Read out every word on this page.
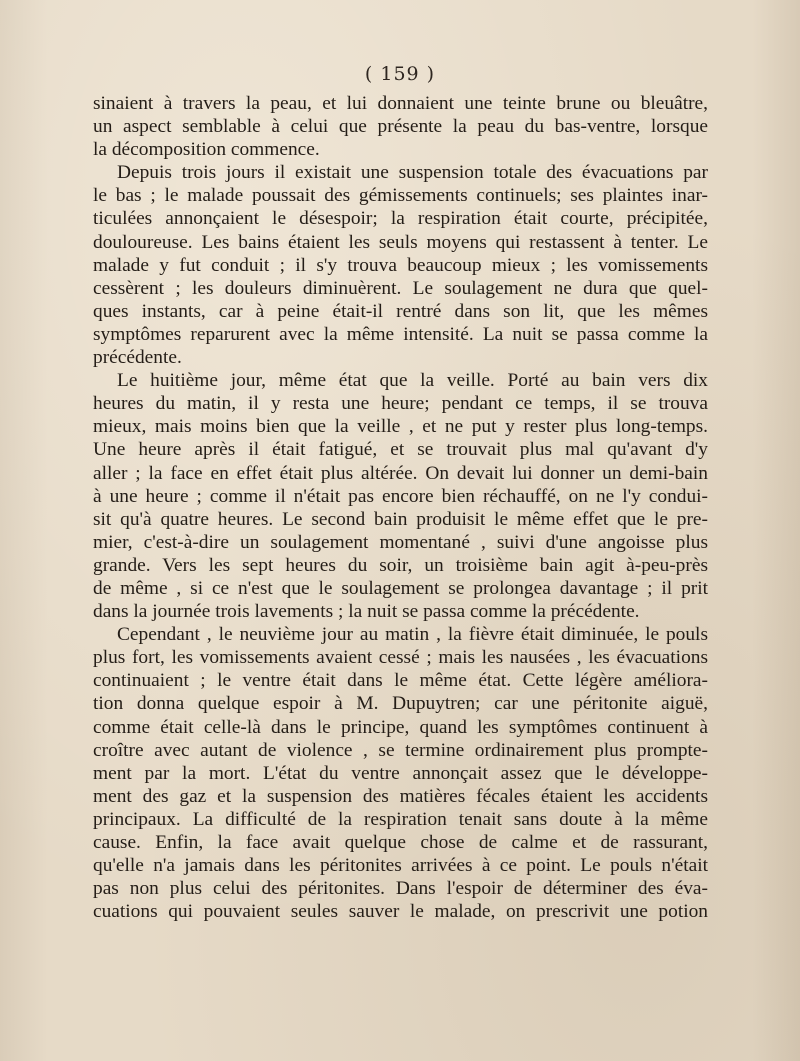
( 159 )
sinaient à travers la peau, et lui donnaient une teinte brune ou bleuâtre,
un aspect semblable à celui que présente la peau du bas-ventre, lorsque
la décomposition commence.
Depuis trois jours il existait une suspension totale des évacuations par
le bas ; le malade poussait des gémissements continuels; ses plaintes inar-
ticulées annonçaient le désespoir; la respiration était courte, précipitée,
douloureuse. Les bains étaient les seuls moyens qui restassent à tenter. Le
malade y fut conduit ; il s'y trouva beaucoup mieux ; les vomissements
cessèrent ; les douleurs diminuèrent. Le soulagement ne dura que quel-
ques instants, car à peine était-il rentré dans son lit, que les mêmes
symptômes reparurent avec la même intensité. La nuit se passa comme la
précédente.
Le huitième jour, même état que la veille. Porté au bain vers dix
heures du matin, il y resta une heure; pendant ce temps, il se trouva
mieux, mais moins bien que la veille , et ne put y rester plus long-temps.
Une heure après il était fatigué, et se trouvait plus mal qu'avant d'y
aller ; la face en effet était plus altérée. On devait lui donner un demi-bain
à une heure ; comme il n'était pas encore bien réchauffé, on ne l'y condui-
sit qu'à quatre heures. Le second bain produisit le même effet que le pre-
mier, c'est-à-dire un soulagement momentané , suivi d'une angoisse plus
grande. Vers les sept heures du soir, un troisième bain agit à-peu-près
de même , si ce n'est que le soulagement se prolongea davantage ; il prit
dans la journée trois lavements ; la nuit se passa comme la précédente.
Cependant , le neuvième jour au matin , la fièvre était diminuée, le pouls
plus fort, les vomissements avaient cessé ; mais les nausées , les évacuations
continuaient ; le ventre était dans le même état. Cette légère améliora-
tion donna quelque espoir à M. Dupuytren; car une péritonite aiguë,
comme était celle-là dans le principe, quand les symptômes continuent à
croître avec autant de violence , se termine ordinairement plus prompte-
ment par la mort. L'état du ventre annonçait assez que le développe-
ment des gaz et la suspension des matières fécales étaient les accidents
principaux. La difficulté de la respiration tenait sans doute à la même
cause. Enfin, la face avait quelque chose de calme et de rassurant,
qu'elle n'a jamais dans les péritonites arrivées à ce point. Le pouls n'était
pas non plus celui des péritonites. Dans l'espoir de déterminer des éva-
cuations qui pouvaient seules sauver le malade, on prescrivit une potion
